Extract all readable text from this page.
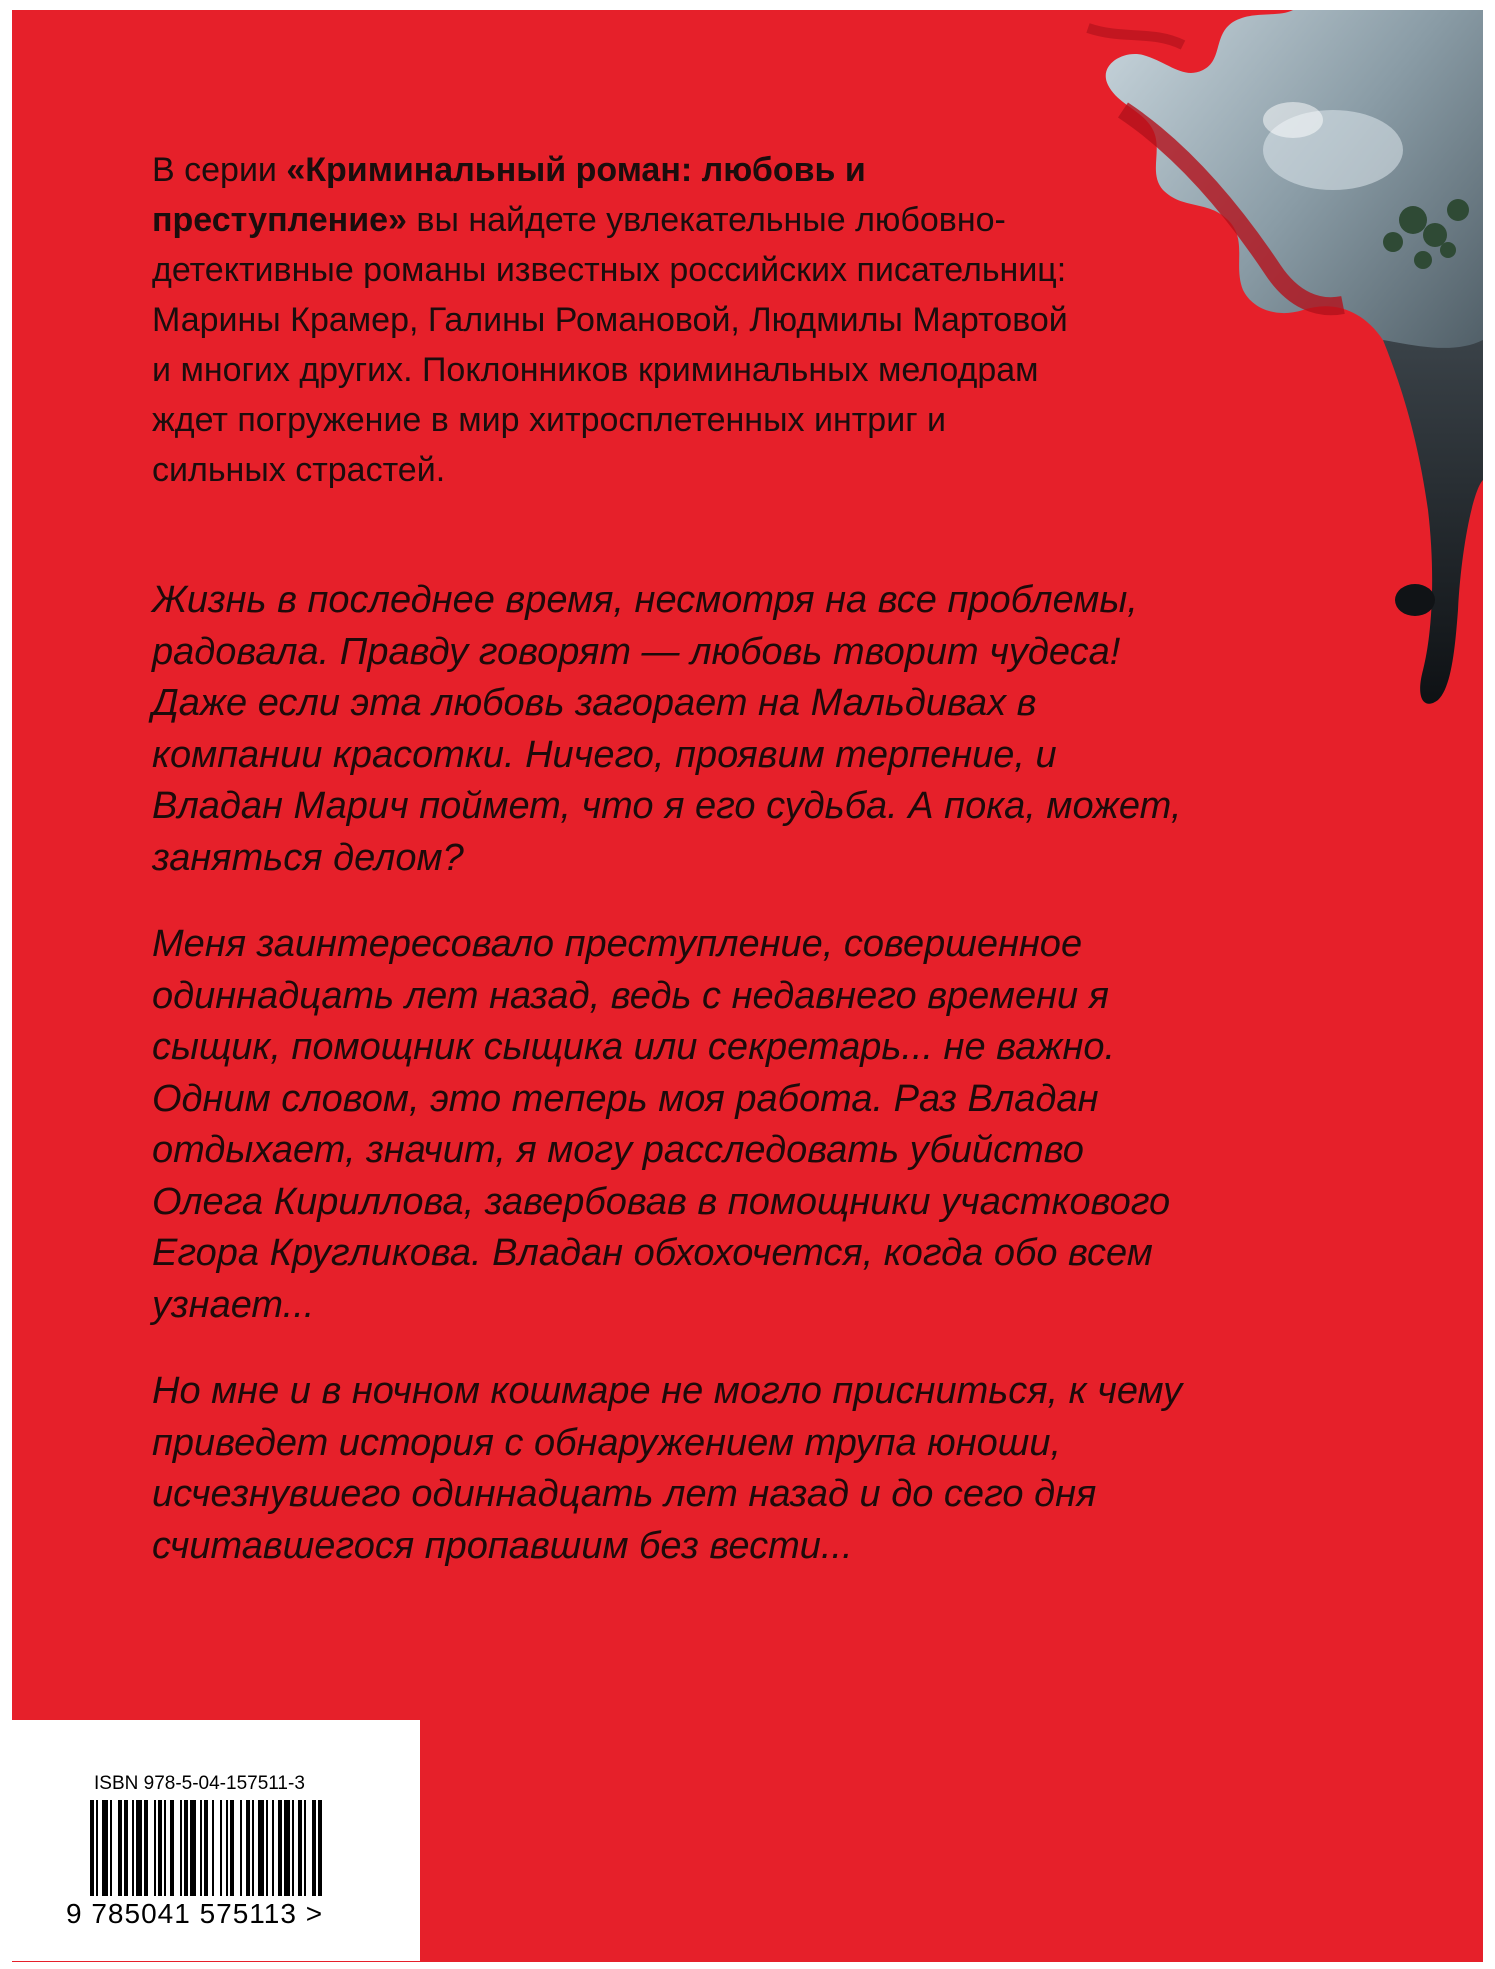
В серии «Криминальный роман: любовь и преступление» вы найдете увлекательные любовно-детективные романы известных российских писательниц: Марины Крамер, Галины Романовой, Людмилы Мартовой и многих других. Поклонников криминальных мелодрам ждет погружение в мир хитросплетенных интриг и сильных страстей.

Жизнь в последнее время, несмотря на все проблемы, радовала. Правду говорят — любовь творит чудеса! Даже если эта любовь загорает на Мальдивах в компании красотки. Ничего, проявим терпение, и Владан Марич поймет, что я его судьба. А пока, может, заняться делом?

Меня заинтересовало преступление, совершенное одиннадцать лет назад, ведь с недавнего времени я сыщик, помощник сыщика или секретарь... не важно. Одним словом, это теперь моя работа. Раз Владан отдыхает, значит, я могу расследовать убийство Олега Кириллова, завербовав в помощники участкового Егора Кругликова. Владан обхохочется, когда обо всем узнает...

Но мне и в ночном кошмаре не могло присниться, к чему приведет история с обнаружением трупа юноши, исчезнувшего одиннадцать лет назад и до сего дня считавшегося пропавшим без вести...

ISBN 978-5-04-157511-3
9 785041 575113 >
